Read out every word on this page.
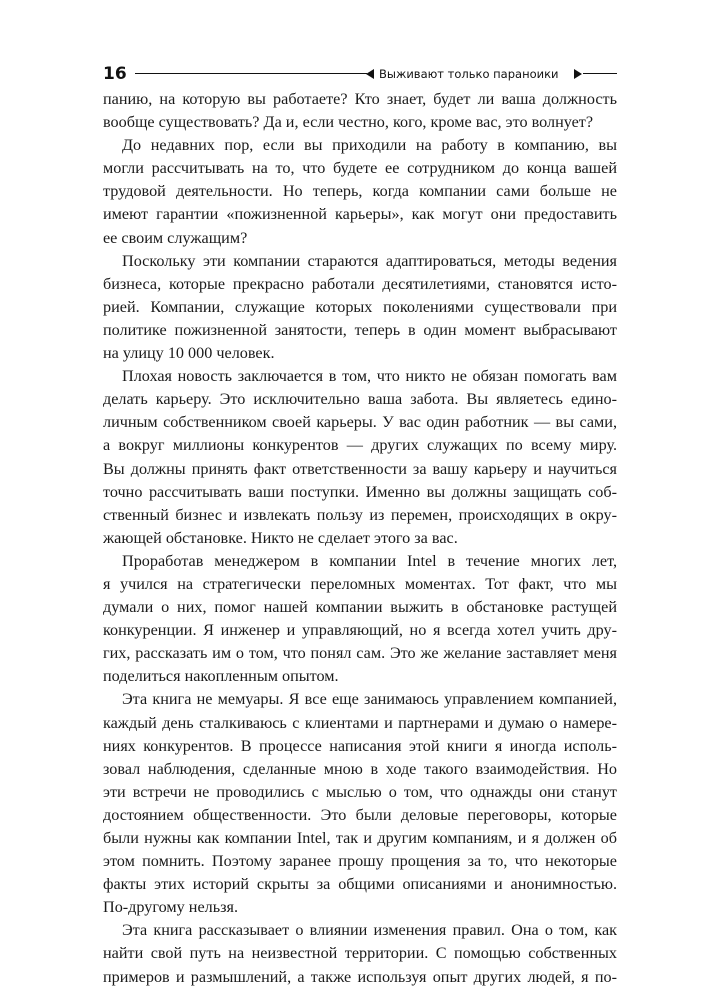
16	Выживают только параноики
панию, на которую вы работаете? Кто знает, будет ли ваша должность
вообще существовать? Да и, если честно, кого, кроме вас, это волнует?
До недавних пор, если вы приходили на работу в компанию, вы
могли рассчитывать на то, что будете ее сотрудником до конца вашей
трудовой деятельности. Но теперь, когда компании сами больше не
имеют гарантии «пожизненной карьеры», как могут они предоставить
ее своим служащим?
Поскольку эти компании стараются адаптироваться, методы ведения
бизнеса, которые прекрасно работали десятилетиями, становятся исто-
рией. Компании, служащие которых поколениями существовали при
политике пожизненной занятости, теперь в один момент выбрасывают
на улицу 10 000 человек.
Плохая новость заключается в том, что никто не обязан помогать вам
делать карьеру. Это исключительно ваша забота. Вы являетесь едино-
личным собственником своей карьеры. У вас один работник — вы сами,
а вокруг миллионы конкурентов — других служащих по всему миру.
Вы должны принять факт ответственности за вашу карьеру и научиться
точно рассчитывать ваши поступки. Именно вы должны защищать соб-
ственный бизнес и извлекать пользу из перемен, происходящих в окру-
жающей обстановке. Никто не сделает этого за вас.
Проработав менеджером в компании Intel в течение многих лет,
я учился на стратегически переломных моментах. Тот факт, что мы
думали о них, помог нашей компании выжить в обстановке растущей
конкуренции. Я инженер и управляющий, но я всегда хотел учить дру-
гих, рассказать им о том, что понял сам. Это же желание заставляет меня
поделиться накопленным опытом.
Эта книга не мемуары. Я все еще занимаюсь управлением компанией,
каждый день сталкиваюсь с клиентами и партнерами и думаю о намере-
ниях конкурентов. В процессе написания этой книги я иногда исполь-
зовал наблюдения, сделанные мною в ходе такого взаимодействия. Но
эти встречи не проводились с мыслью о том, что однажды они станут
достоянием общественности. Это были деловые переговоры, которые
были нужны как компании Intel, так и другим компаниям, и я должен об
этом помнить. Поэтому заранее прошу прощения за то, что некоторые
факты этих историй скрыты за общими описаниями и анонимностью.
По-другому нельзя.
Эта книга рассказывает о влиянии изменения правил. Она о том, как
найти свой путь на неизвестной территории. С помощью собственных
примеров и размышлений, а также используя опыт других людей, я по-
